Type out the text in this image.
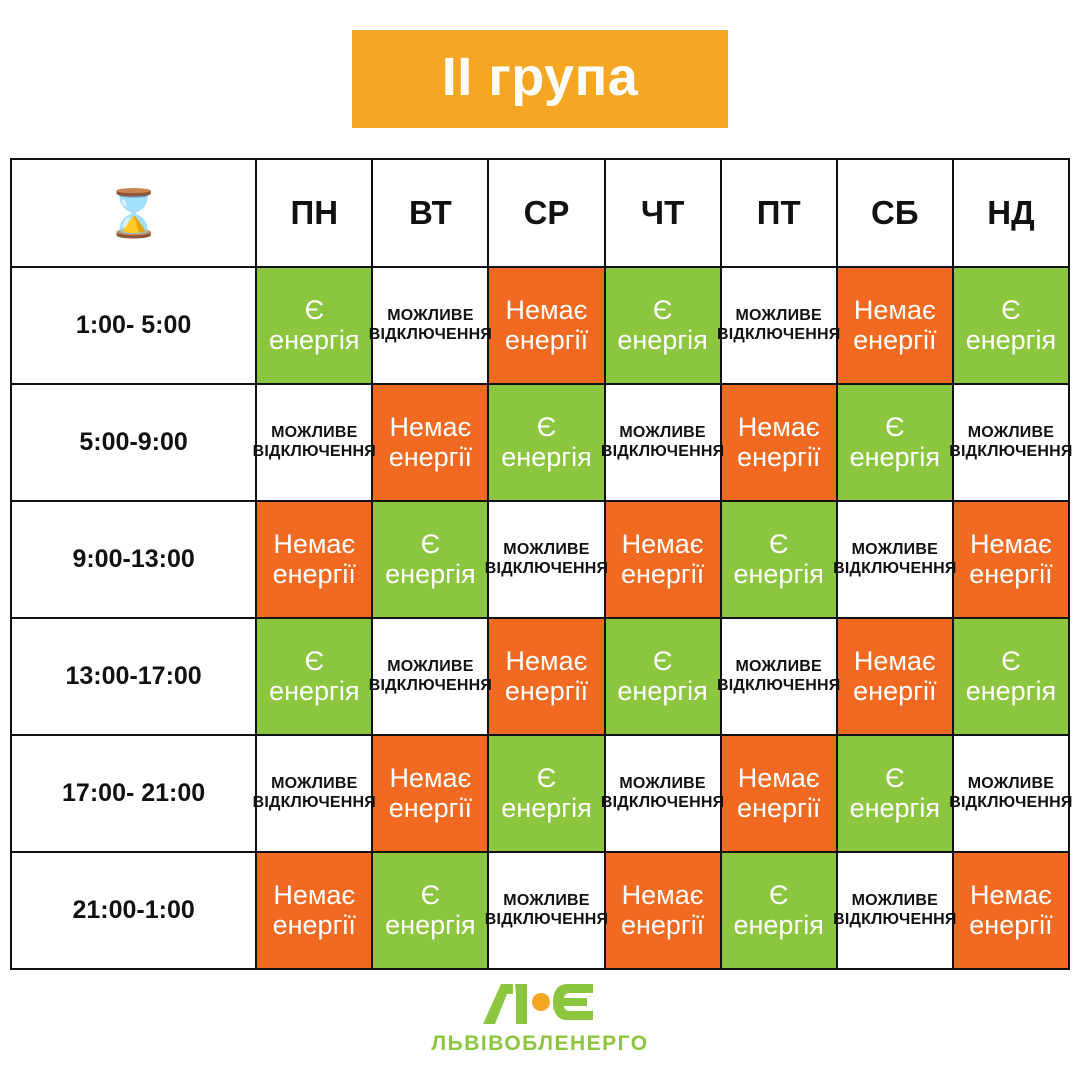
II група
⌛	ПН	ВТ	СР	ЧТ	ПТ	СБ	НД
1:00- 5:00	Є
енергія	МОЖЛИВЕ
ВІДКЛЮЧЕННЯ	Немає
енергії	Є
енергія	МОЖЛИВЕ
ВІДКЛЮЧЕННЯ	Немає
енергії	Є
енергія

5:00-9:00	МОЖЛИВЕ
ВІДКЛЮЧЕННЯ	Немає
енергії	Є
енергія	МОЖЛИВЕ
ВІДКЛЮЧЕННЯ	Немає
енергії	Є
енергія	МОЖЛИВЕ
ВІДКЛЮЧЕННЯ

9:00-13:00	Немає
енергії	Є
енергія	МОЖЛИВЕ
ВІДКЛЮЧЕННЯ	Немає
енергії	Є
енергія	МОЖЛИВЕ
ВІДКЛЮЧЕННЯ	Немає
енергії

13:00-17:00	Є
енергія	МОЖЛИВЕ
ВІДКЛЮЧЕННЯ	Немає
енергії	Є
енергія	МОЖЛИВЕ
ВІДКЛЮЧЕННЯ	Немає
енергії	Є
енергія

17:00- 21:00	МОЖЛИВЕ
ВІДКЛЮЧЕННЯ	Немає
енергії	Є
енергія	МОЖЛИВЕ
ВІДКЛЮЧЕННЯ	Немає
енергії	Є
енергія	МОЖЛИВЕ
ВІДКЛЮЧЕННЯ

21:00-1:00	Немає
енергії	Є
енергія	МОЖЛИВЕ
ВІДКЛЮЧЕННЯ	Немає
енергії	Є
енергія	МОЖЛИВЕ
ВІДКЛЮЧЕННЯ	Немає
енергії
ЛЬВІВОБЛЕНЕРГО
